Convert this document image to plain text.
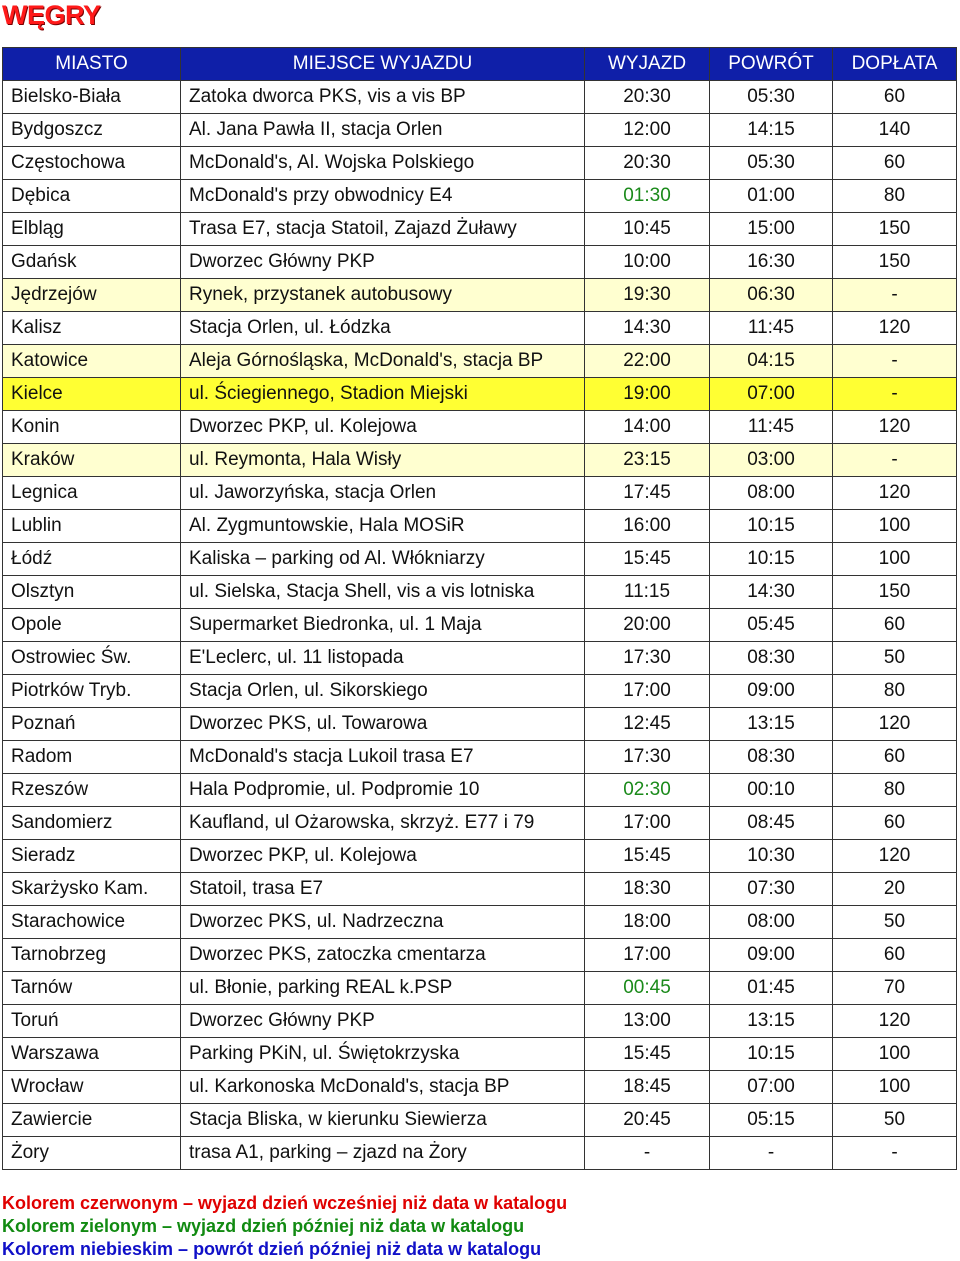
WĘGRY
MIASTO	MIEJSCE WYJAZDU	WYJAZD	POWRÓT	DOPŁATA
Bielsko-Biała	Zatoka dworca PKS, vis a vis BP	20:30	05:30	60
Bydgoszcz	Al. Jana Pawła II, stacja Orlen	12:00	14:15	140
Częstochowa	McDonald's, Al. Wojska Polskiego	20:30	05:30	60
Dębica	McDonald's przy obwodnicy E4	01:30	01:00	80
Elbląg	Trasa E7, stacja Statoil, Zajazd Żuławy	10:45	15:00	150
Gdańsk	Dworzec Główny PKP	10:00	16:30	150
Jędrzejów	Rynek, przystanek autobusowy	19:30	06:30	-
Kalisz	Stacja Orlen, ul. Łódzka	14:30	11:45	120
Katowice	Aleja Górnośląska, McDonald's, stacja BP	22:00	04:15	-
Kielce	ul. Ściegiennego, Stadion Miejski	19:00	07:00	-
Konin	Dworzec PKP, ul. Kolejowa	14:00	11:45	120
Kraków	ul. Reymonta, Hala Wisły	23:15	03:00	-
Legnica	ul. Jaworzyńska, stacja Orlen	17:45	08:00	120
Lublin	Al. Zygmuntowskie, Hala MOSiR	16:00	10:15	100
Łódź	Kaliska – parking od Al. Włókniarzy	15:45	10:15	100
Olsztyn	ul. Sielska, Stacja Shell, vis a vis lotniska	11:15	14:30	150
Opole	Supermarket Biedronka, ul. 1 Maja	20:00	05:45	60
Ostrowiec Św.	E'Leclerc, ul. 11 listopada	17:30	08:30	50
Piotrków Tryb.	Stacja Orlen, ul. Sikorskiego	17:00	09:00	80
Poznań	Dworzec PKS, ul. Towarowa	12:45	13:15	120
Radom	McDonald's stacja Lukoil trasa E7	17:30	08:30	60
Rzeszów	Hala Podpromie, ul. Podpromie 10	02:30	00:10	80
Sandomierz	Kaufland, ul Ożarowska, skrzyż. E77 i 79	17:00	08:45	60
Sieradz	Dworzec PKP, ul. Kolejowa	15:45	10:30	120
Skarżysko Kam.	Statoil, trasa E7	18:30	07:30	20
Starachowice	Dworzec PKS, ul. Nadrzeczna	18:00	08:00	50
Tarnobrzeg	Dworzec PKS, zatoczka cmentarza	17:00	09:00	60
Tarnów	ul. Błonie, parking REAL k.PSP	00:45	01:45	70
Toruń	Dworzec Główny PKP	13:00	13:15	120
Warszawa	Parking PKiN, ul. Świętokrzyska	15:45	10:15	100
Wrocław	ul. Karkonoska McDonald's, stacja BP	18:45	07:00	100
Zawiercie	Stacja Bliska, w kierunku Siewierza	20:45	05:15	50
Żory	trasa A1, parking – zjazd na Żory	-	-	-
Kolorem czerwonym – wyjazd dzień wcześniej niż data w katalogu
Kolorem zielonym – wyjazd dzień później niż data w katalogu
Kolorem niebieskim – powrót dzień później niż data w katalogu
